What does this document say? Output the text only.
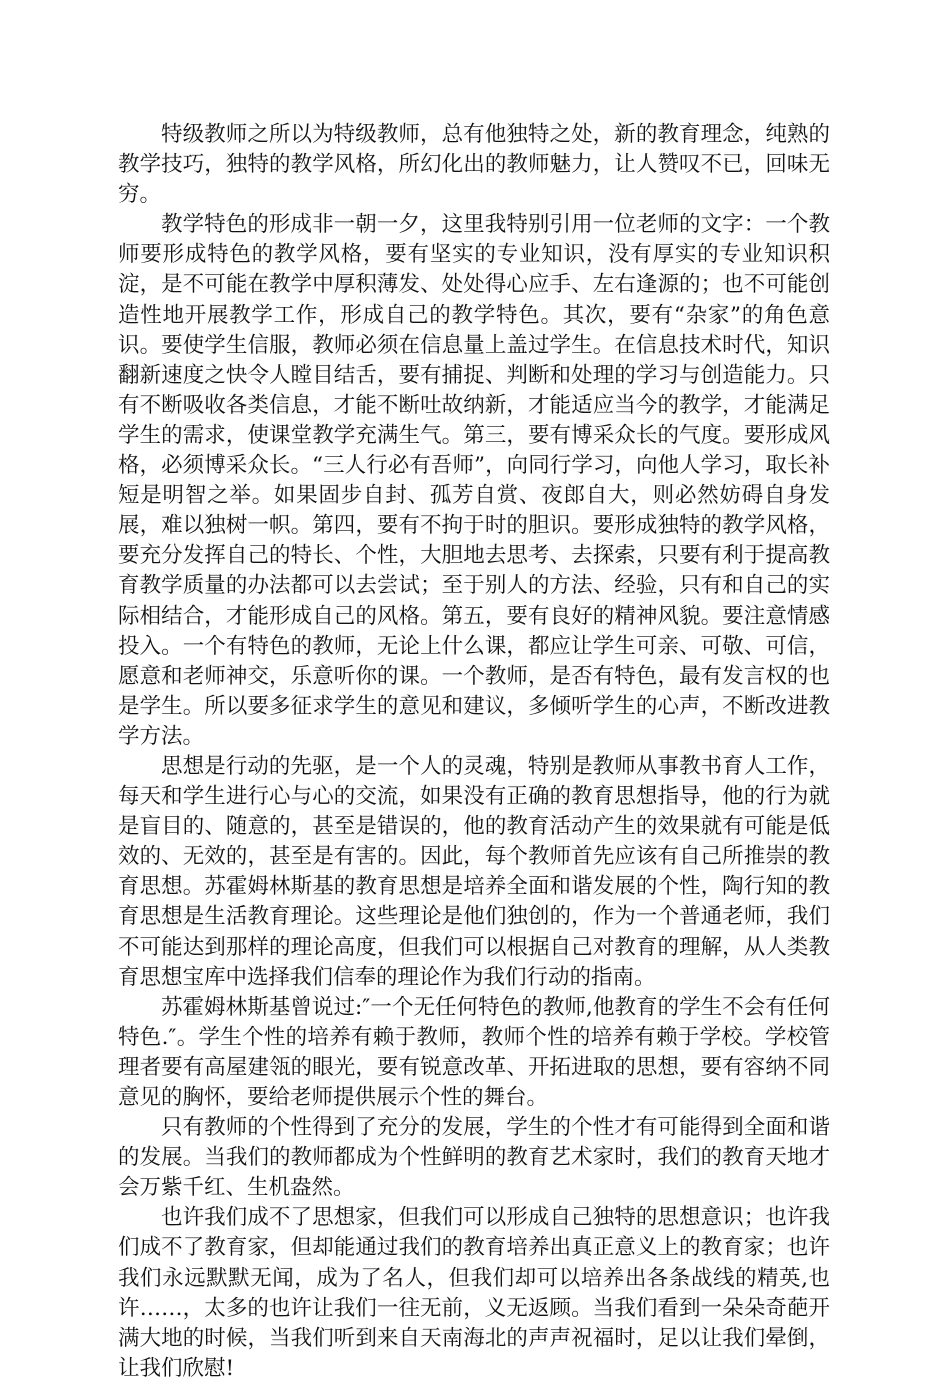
特级教师之所以为特级教师，总有他独特之处，新的教育理念，纯熟的教学技巧，独特的教学风格，所幻化出的教师魅力，让人赞叹不已，回味无穷。

教学特色的形成非一朝一夕，这里我特别引用一位老师的文字：一个教师要形成特色的教学风格，要有坚实的专业知识，没有厚实的专业知识积淀，是不可能在教学中厚积薄发、处处得心应手、左右逢源的；也不可能创造性地开展教学工作，形成自己的教学特色。其次，要有“杂家”的角色意识。要使学生信服，教师必须在信息量上盖过学生。在信息技术时代，知识翻新速度之快令人瞠目结舌，要有捕捉、判断和处理的学习与创造能力。只有不断吸收各类信息，才能不断吐故纳新，才能适应当今的教学，才能满足学生的需求，使课堂教学充满生气。第三，要有博采众长的气度。要形成风格，必须博采众长。“三人行必有吾师”，向同行学习，向他人学习，取长补短是明智之举。如果固步自封、孤芳自赏、夜郎自大，则必然妨碍自身发展，难以独树一帜。第四，要有不拘于时的胆识。要形成独特的教学风格，要充分发挥自己的特长、个性，大胆地去思考、去探索，只要有利于提高教育教学质量的办法都可以去尝试；至于别人的方法、经验，只有和自己的实际相结合，才能形成自己的风格。第五，要有良好的精神风貌。要注意情感投入。一个有特色的教师，无论上什么课，都应让学生可亲、可敬、可信，愿意和老师神交，乐意听你的课。一个教师，是否有特色，最有发言权的也是学生。所以要多征求学生的意见和建议，多倾听学生的心声，不断改进教学方法。

思想是行动的先驱，是一个人的灵魂，特别是教师从事教书育人工作，每天和学生进行心与心的交流，如果没有正确的教育思想指导，他的行为就是盲目的、随意的，甚至是错误的，他的教育活动产生的效果就有可能是低效的、无效的，甚至是有害的。因此，每个教师首先应该有自己所推崇的教育思想。苏霍姆林斯基的教育思想是培养全面和谐发展的个性，陶行知的教育思想是生活教育理论。这些理论是他们独创的，作为一个普通老师，我们不可能达到那样的理论高度，但我们可以根据自己对教育的理解，从人类教育思想宝库中选择我们信奉的理论作为我们行动的指南。

苏霍姆林斯基曾说过:″一个无任何特色的教师,他教育的学生不会有任何特色.″。学生个性的培养有赖于教师，教师个性的培养有赖于学校。学校管理者要有高屋建瓴的眼光，要有锐意改革、开拓进取的思想，要有容纳不同意见的胸怀，要给老师提供展示个性的舞台。

只有教师的个性得到了充分的发展，学生的个性才有可能得到全面和谐的发展。当我们的教师都成为个性鲜明的教育艺术家时，我们的教育天地才会万紫千红、生机盎然。

也许我们成不了思想家，但我们可以形成自己独特的思想意识；也许我们成不了教育家，但却能通过我们的教育培养出真正意义上的教育家；也许我们永远默默无闻，成为了名人，但我们却可以培养出各条战线的精英,也许……，太多的也许让我们一往无前，义无返顾。当我们看到一朵朵奇葩开满大地的时候，当我们听到来自天南海北的声声祝福时，足以让我们晕倒，让我们欣慰!
